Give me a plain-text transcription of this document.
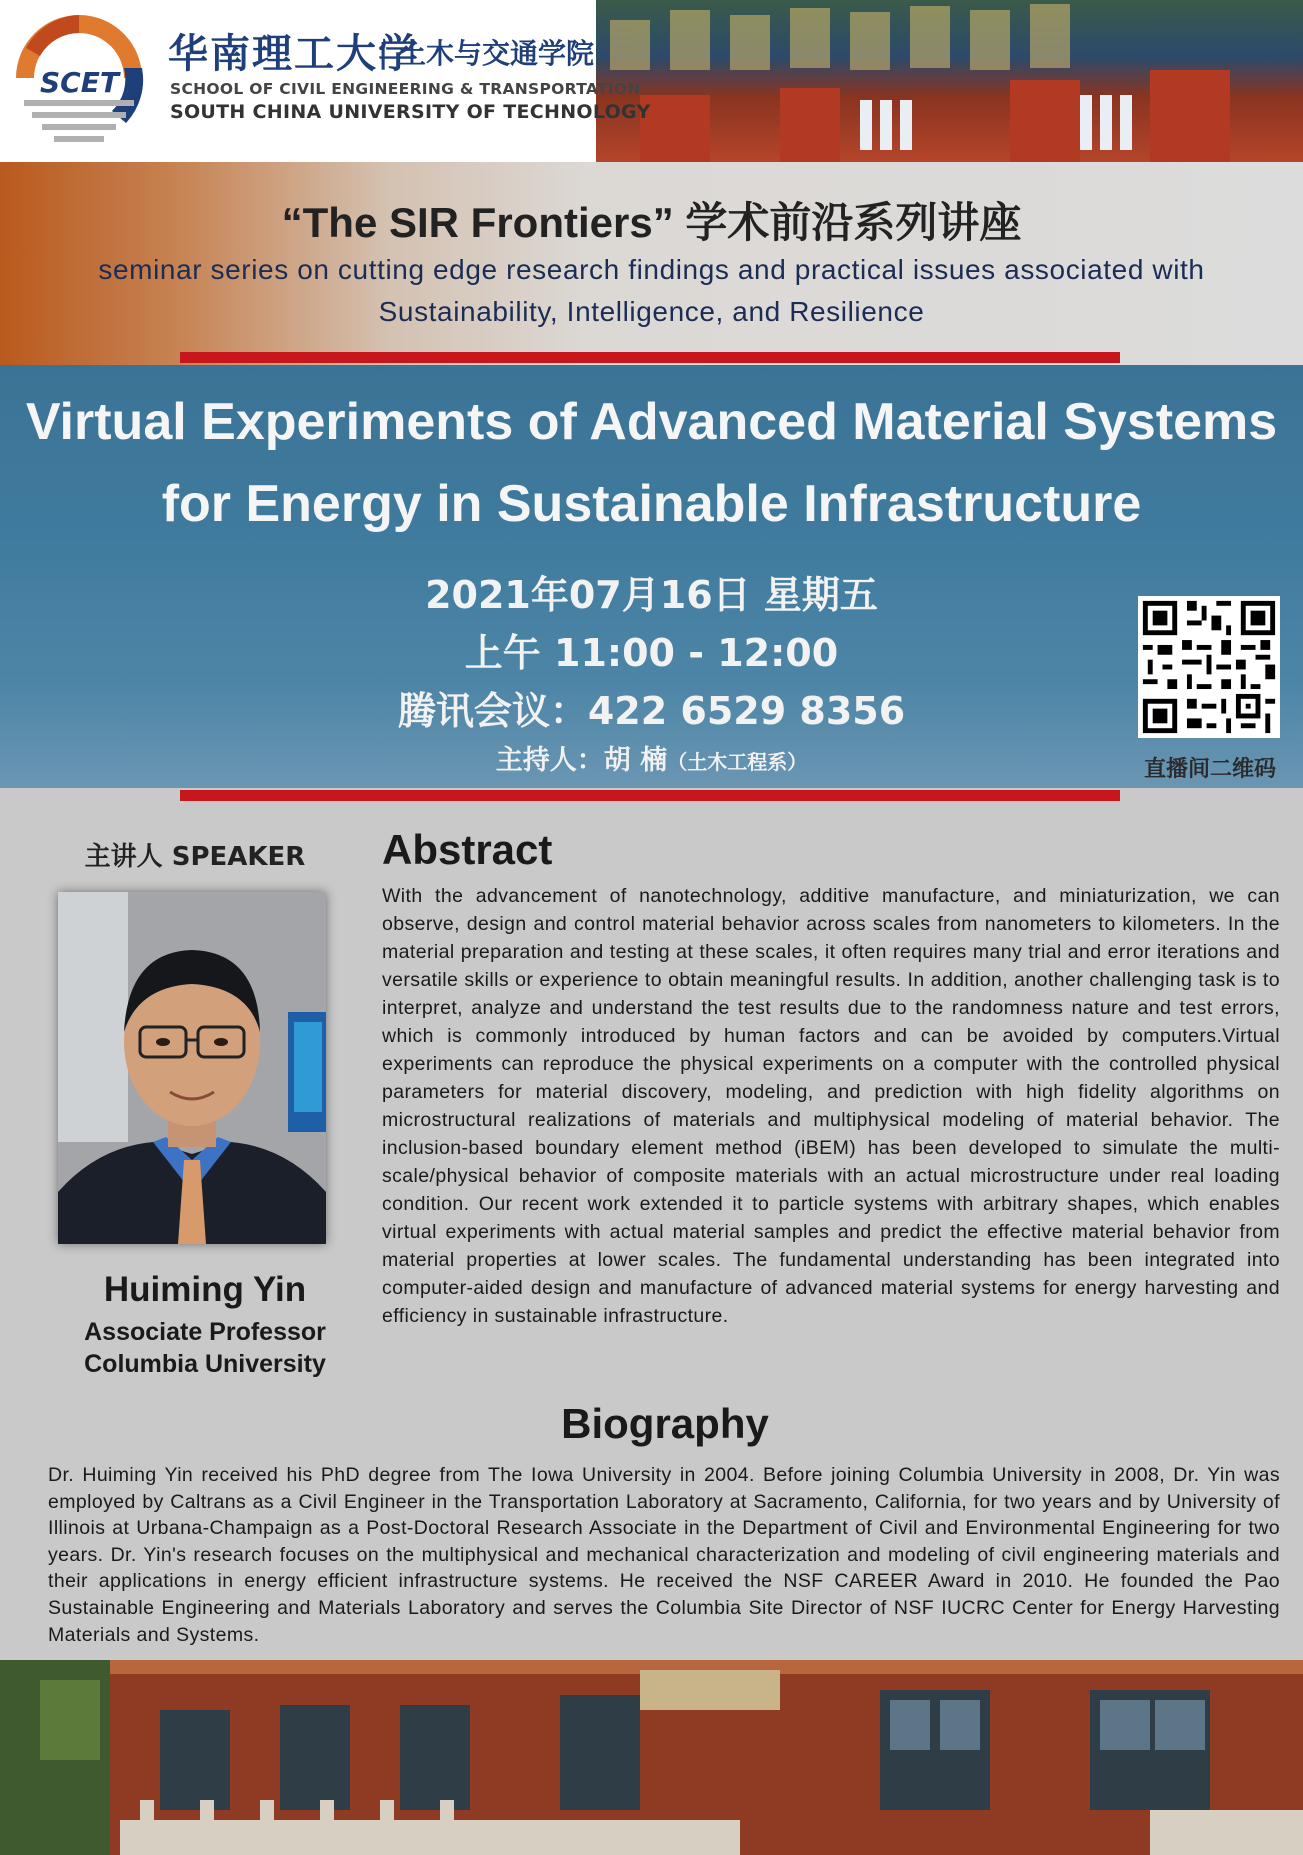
SCET
华南理工大学
| 土木与交通学院
SCHOOL OF CIVIL ENGINEERING & TRANSPORTATION
SOUTH CHINA UNIVERSITY OF TECHNOLOGY
“The SIR Frontiers” 学术前沿系列讲座
seminar series on cutting edge research findings and practical issues associated with
Sustainability, Intelligence, and Resilience
Virtual Experiments of Advanced Material Systems
for Energy in Sustainable Infrastructure
2021年07月16日 星期五
上午 11:00 - 12:00
腾讯会议：422 6529 8356
主持人：胡 楠（土木工程系）	直播间二维码
主讲人 SPEAKER
Huiming Yin
Associate Professor
Columbia University
Abstract
With the advancement of nanotechnology, additive manufacture, and miniaturization, we can observe, design and control material behavior across scales from nanometers to kilometers. In the material preparation and testing at these scales, it often requires many trial and error iterations and versatile skills or experience to obtain meaningful results. In addition, another challenging task is to interpret, analyze and understand the test results due to the randomness nature and test errors, which is commonly introduced by human factors and can be avoided by computers.Virtual experiments can reproduce the physical experiments on a computer with the controlled physical parameters for material discovery, modeling, and prediction with high fidelity algorithms on microstructural realizations of materials and multiphysical modeling of material behavior. The inclusion-based boundary element method (iBEM) has been developed to simulate the multi-scale/physical behavior of composite materials with an actual microstructure under real loading condition. Our recent work extended it to particle systems with arbitrary shapes, which enables virtual experiments with actual material samples and predict the effective material behavior from material properties at lower scales. The fundamental understanding has been integrated into computer-aided design and manufacture of advanced material systems for energy harvesting and efficiency in sustainable infrastructure.
Biography
Dr. Huiming Yin received his PhD degree from The Iowa University in 2004. Before joining Columbia University in 2008, Dr. Yin was employed by Caltrans as a Civil Engineer in the Transportation Laboratory at Sacramento, California, for two years and by University of Illinois at Urbana-Champaign as a Post-Doctoral Research Associate in the Department of Civil and Environmental Engineering for two years. Dr. Yin's research focuses on the multiphysical and mechanical characterization and modeling of civil engineering materials and their applications in energy efficient infrastructure systems. He received the NSF CAREER Award in 2010. He founded the Pao Sustainable Engineering and Materials Laboratory and serves the Columbia Site Director of NSF IUCRC Center for Energy Harvesting Materials and Systems.
